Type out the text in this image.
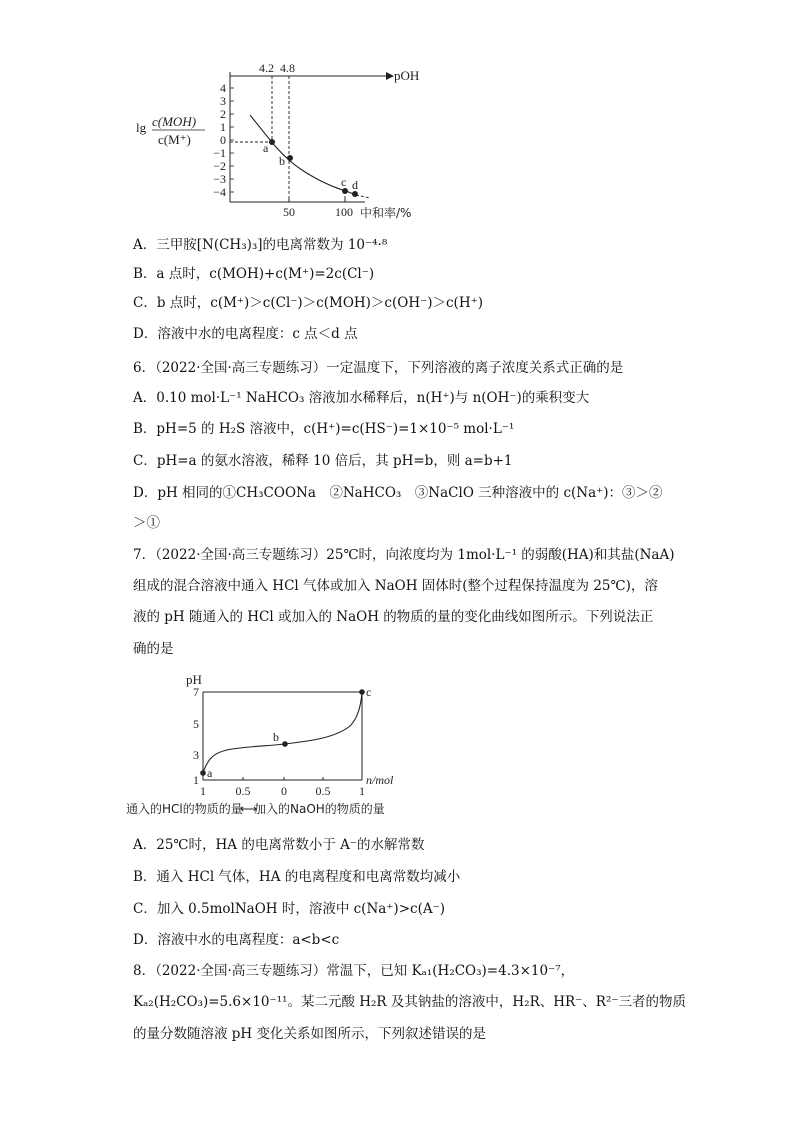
lg c(MOH)
c(M⁺)
pOH
4.2 4.8
4
3
2
1
0
−1
−2
−3
−4
50	100 中和率/%
a
b
c d
A．三甲胺[N(CH₃)₃]的电离常数为 10⁻⁴·⁸
B．a 点时，c(MOH)+c(M⁺)=2c(Cl⁻)
C．b 点时，c(M⁺)＞c(Cl⁻)＞c(MOH)＞c(OH⁻)＞c(H⁺)
D．溶液中水的电离程度：c 点＜d 点
6．（2022·全国·高三专题练习）一定温度下，下列溶液的离子浓度关系式正确的是
A．0.10 mol·L⁻¹ NaHCO₃ 溶液加水稀释后，n(H⁺)与 n(OH⁻)的乘积变大
B．pH=5 的 H₂S 溶液中，c(H⁺)=c(HS⁻)=1×10⁻⁵ mol·L⁻¹
C．pH=a 的氨水溶液，稀释 10 倍后，其 pH=b，则 a=b+1
D．pH 相同的①CH₃COONa　②NaHCO₃　③NaClO 三种溶液中的 c(Na⁺)：③＞②
＞①
7．（2022·全国·高三专题练习）25℃时，向浓度均为 1mol·L⁻¹ 的弱酸(HA)和其盐(NaA)
组成的混合溶液中通入 HCl 气体或加入 NaOH 固体时(整个过程保持温度为 25℃)，溶
液的 pH 随通入的 HCl 或加入的 NaOH 的物质的量的变化曲线如图所示。下列说法正
确的是
pH
7
5
3
1
1 0.5	0 0.5 1
n/mol
a
b
c
通入的HCl的物质的量
⟷
加入的NaOH的物质的量
A．25℃时，HA 的电离常数小于 A⁻的水解常数
B．通入 HCl 气体，HA 的电离程度和电离常数均减小
C．加入 0.5molNaOH 时，溶液中 c(Na⁺)>c(A⁻)
D．溶液中水的电离程度：a<b<c
8．（2022·全国·高三专题练习）常温下，已知 Kₐ₁(H₂CO₃)=4.3×10⁻⁷，
Kₐ₂(H₂CO₃)=5.6×10⁻¹¹。某二元酸 H₂R 及其钠盐的溶液中，H₂R、HR⁻、R²⁻三者的物质
的量分数随溶液 pH 变化关系如图所示，下列叙述错误的是
